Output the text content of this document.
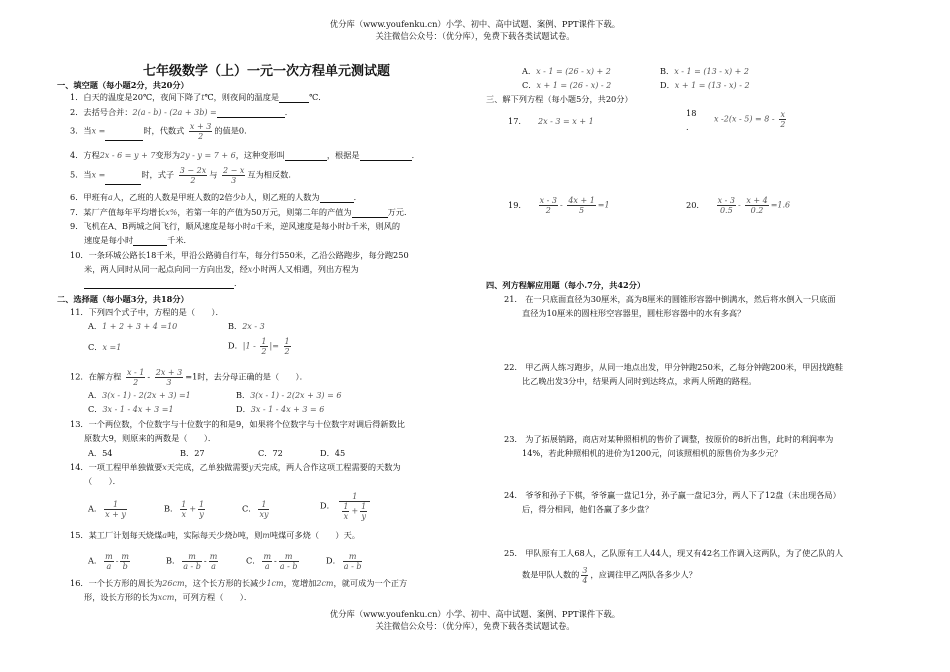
优分库（www.youfenku.cn）小学、初中、高中试题、案例、PPT课件下载。
关注微信公众号：（优分库），免费下载各类试题试卷。
七年级数学（上）一元一次方程单元测试题
一、填空题（每小题2分，共20分）
1．白天的温度是20℃，夜间下降了t℃，则夜间的温度是	℃．
2．去括号合并：2(a - b) - (2a + 3b) =	．
3．当x =	时，代数式 $\frac{x + 3}{2}$ 的值是0．
4．方程2x - 6 = y + 7变形为2y - y = 7 + 6，这种变形叫	，根据是	．
5．当x =	时，式子 $\frac{3 - 2x}{2}$ 与 $\frac{2 - x}{3}$ 互为相反数．
6．甲班有a人，乙班的人数是甲班人数的2倍少b人，则乙班的人数为	．
7．某厂产值每年平均增长x%，若第一年的产值为50万元，则第二年的产值为	万元．
9．飞机在A、B两城之间飞行，顺风速度是每小时a千米，逆风速度是每小时b千米，则风的
速度是每小时	千米．
10．一条环城公路长18千米，甲沿公路骑自行车，每分行550米，乙沿公路跑步，每分跑250
米，两人同时从同一起点向同一方向出发，经x小时两人又相遇，列出方程为
．
二、选择题（每小题3分，共18分）
11．下列四个式子中，方程的是（　　）．
A．1 + 2 + 3 + 4 =10	B．2x - 3
C．x =1	D．$|1 - \frac{1}{2}$ |= $\frac{1}{2}$
12．在解方程 $\frac{x - 1}{2} - \frac{2x + 3}{3} =1$时，去分母正确的是（　　）．
A．3(x - 1) - 2(2x + 3) =1	B．3(x - 1) - 2(2x + 3) = 6
C．3x - 1 - 4x + 3 =1	D．3x - 1 - 4x + 3 = 6
13．一个两位数，个位数字与十位数字的和是9，如果将个位数字与十位数字对调后得新数比
原数大9，则原来的两数是（　　）．
A．54	B．27	C．72	D．45
14．一项工程甲单独做要x天完成，乙单独做需要y天完成，两人合作这项工程需要的天数为
（　　）．
A． $\frac{1}{x + y}$	B． $\frac{1}{x} + \frac{1}{y}$	C． $\frac{1}{xy}$	D． $\frac{1}{\frac{1}{x} + \frac{1}{y}}$
15．某工厂计划每天烧煤a吨，实际每天少烧b吨，则m吨煤可多烧（　　）天。
A． $\frac{m}{a} - \frac{m}{b}$	B． $\frac{m}{a - b} - \frac{m}{a}$	C． $\frac{m}{a} - \frac{m}{a - b}$	D． $\frac{m}{a - b}$
16．一个长方形的周长为26cm，这个长方形的长减少1cm，宽增加2cm，就可成为一个正方
形，设长方形的长为xcm，可列方程（　　）．
A．x - 1 = (26 - x) + 2	B．x - 1 = (13 - x) + 2
C．x + 1 = (26 - x) - 2	D．x + 1 = (13 - x) - 2
三、解下列方程（每小题5分，共20分）
17. 2x - 3 = x + 1
18
.
x $-2(x - 5) = 8 - \frac{x}{2}$
19. $\frac{x - 3}{2} - \frac{4x + 1}{5} =1$	20. $\frac{x - 3}{0.5} - \frac{x + 4}{0.2} =1.6$
四、列方程解应用题（每小.7分，共42分）
21.　在一只底面直径为30厘米，高为8厘米的圆锥形容器中倒满水，然后将水倒入一只底面
直径为10厘米的圆柱形空容器里，圆柱形容器中的水有多高？
22.　甲乙两人练习跑步，从同一地点出发，甲分钟跑250米，乙每分钟跑200米，甲因找跑鞋
比乙晚出发3分中，结果两人同时到达终点，求两人所跑的路程。
23.　为了拓展销路，商店对某种照相机的售价了调整，按原价的8折出售，此时的利润率为
14%，若此种照相机的进价为1200元，问该照相机的原售价为多少元？
24.　爷爷和孙子下棋，爷爷赢一盘记1分，孙子赢一盘记3分，两人下了12盘（未出现各局）
后，得分相同，他们各赢了多少盘？
25.　甲队原有工人68人，乙队原有工人44人，现又有42名工作调入这两队，为了使乙队的人
数是甲队人数的 $\frac{3}{4}$ ，应调往甲乙两队各多少人？
优分库（www.youfenku.cn）小学、初中、高中试题、案例、PPT课件下载。
关注微信公众号：（优分库），免费下载各类试题试卷。
